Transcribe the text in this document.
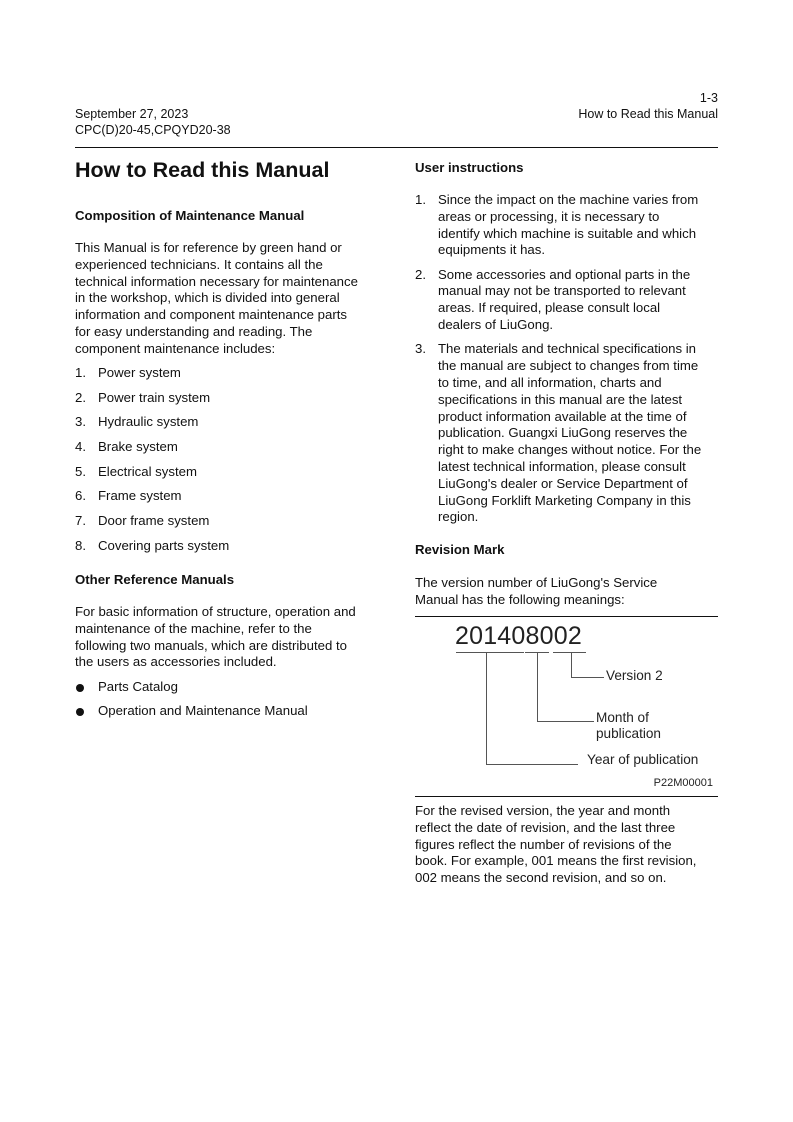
September 27, 2023
CPC(D)20-45,CPQYD20-38
1-3
How to Read this Manual
How to Read this Manual
Composition of Maintenance Manual
This Manual is for reference by green hand or
experienced technicians. It contains all the
technical information necessary for maintenance
in the workshop, which is divided into general
information and component maintenance parts
for easy understanding and reading. The
component maintenance includes:
1. Power system
2. Power train system
3. Hydraulic system
4. Brake system
5. Electrical system
6. Frame system
7. Door frame system
8. Covering parts system
Other Reference Manuals
For basic information of structure, operation and
maintenance of the machine, refer to the
following two manuals, which are distributed to
the users as accessories included.
Parts Catalog
Operation and Maintenance Manual
User instructions
1. Since the impact on the machine varies from
areas or processing, it is necessary to
identify which machine is suitable and which
equipments it has.
2. Some accessories and optional parts in the
manual may not be transported to relevant
areas. If required, please consult local
dealers of LiuGong.
3. The materials and technical specifications in
the manual are subject to changes from time
to time, and all information, charts and
specifications in this manual are the latest
product information available at the time of
publication. Guangxi LiuGong reserves the
right to make changes without notice. For the
latest technical information, please consult
LiuGong's dealer or Service Department of
LiuGong Forklift Marketing Company in this
region.
Revision Mark
The version number of LiuGong's Service
Manual has the following meanings:
201408002
Version 2
Month of
publication
Year of publication
P22M00001
For the revised version, the year and month
reflect the date of revision, and the last three
figures reflect the number of revisions of the
book. For example, 001 means the first revision,
002 means the second revision, and so on.
